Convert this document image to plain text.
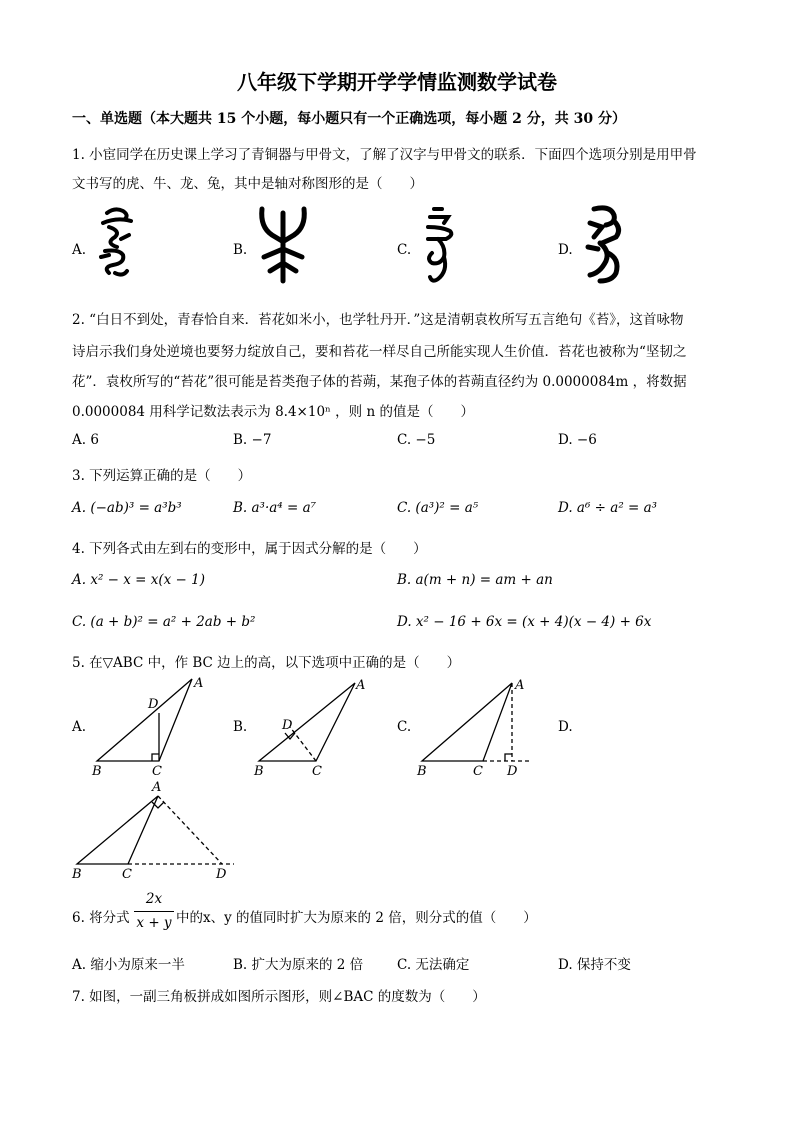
八年级下学期开学学情监测数学试卷
一、单选题（本大题共 15 个小题，每小题只有一个正确选项，每小题 2 分，共 30 分）
1. 小宦同学在历史课上学习了青铜器与甲骨文，了解了汉字与甲骨文的联系．下面四个选项分别是用甲骨
文书写的虎、牛、龙、兔，其中是轴对称图形的是（　　）
A.	B.	C.	D.
2. “白日不到处，青春恰自来．苔花如米小，也学牡丹开．”这是清朝袁枚所写五言绝句《苔》，这首咏物
诗启示我们身处逆境也要努力绽放自己，要和苔花一样尽自己所能实现人生价值．苔花也被称为“坚韧之
花”．袁枚所写的“苔花”很可能是苔类孢子体的苔蒴，某孢子体的苔蒴直径约为 0.0000084m ，将数据
0.0000084 用科学记数法表示为 8.4×10ⁿ ，则 n 的值是（　　）
A. 6	B. −7	C. −5	D. −6
3. 下列运算正确的是（　　）
A. (−ab)³ = a³b³	B. a³·a⁴ = a⁷	C. (a³)² = a⁵	D. a⁶ ÷ a² = a³
4. 下列各式由左到右的变形中，属于因式分解的是（　　）
A. x² − x = x(x − 1)	B. a(m + n) = am + an
C. (a + b)² = a² + 2ab + b²	D. x² − 16 + 6x = (x + 4)(x − 4) + 6x
5. 在▽ABC 中，作 BC 边上的高，以下选项中正确的是（　　）
A.	B.	C.	D.
A
B	C
D
A
B	C
D
A
B	C D
A
B	C	D
6. 将分式
2x
x + y 中的x、y 的值同时扩大为原来的 2 倍，则分式的值（　　）
A. 缩小为原来一半	B. 扩大为原来的 2 倍	C. 无法确定	D. 保持不变
7. 如图，一副三角板拼成如图所示图形，则∠BAC 的度数为（　　）
